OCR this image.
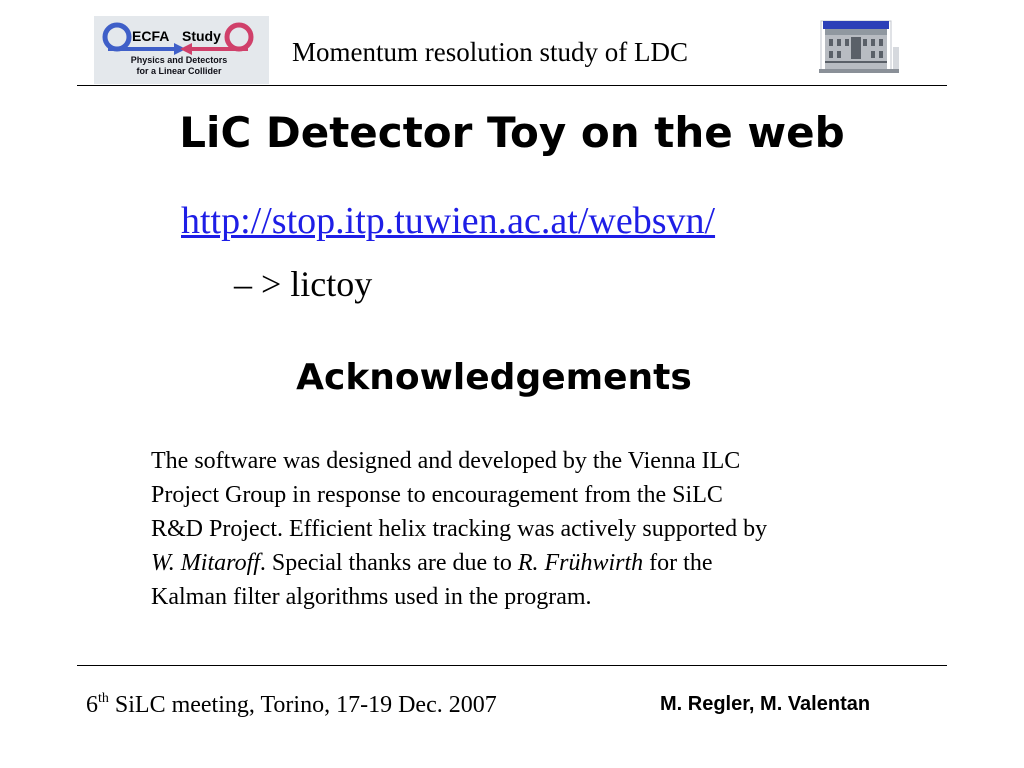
ECFA Study
Physics and Detectors
for a Linear Collider
Momentum resolution study of LDC
LiC Detector Toy on the web
http://stop.itp.tuwien.ac.at/websvn/
– > lictoy
Acknowledgements
The software was designed and developed by the Vienna ILC
Project Group in response to encouragement from the SiLC
R&D Project. Efficient helix tracking was actively supported by
W. Mitaroff. Special thanks are due to R. Frühwirth for the
Kalman filter algorithms used in the program.
6th SiLC meeting, Torino, 17-19 Dec. 2007	M. Regler, M. Valentan
